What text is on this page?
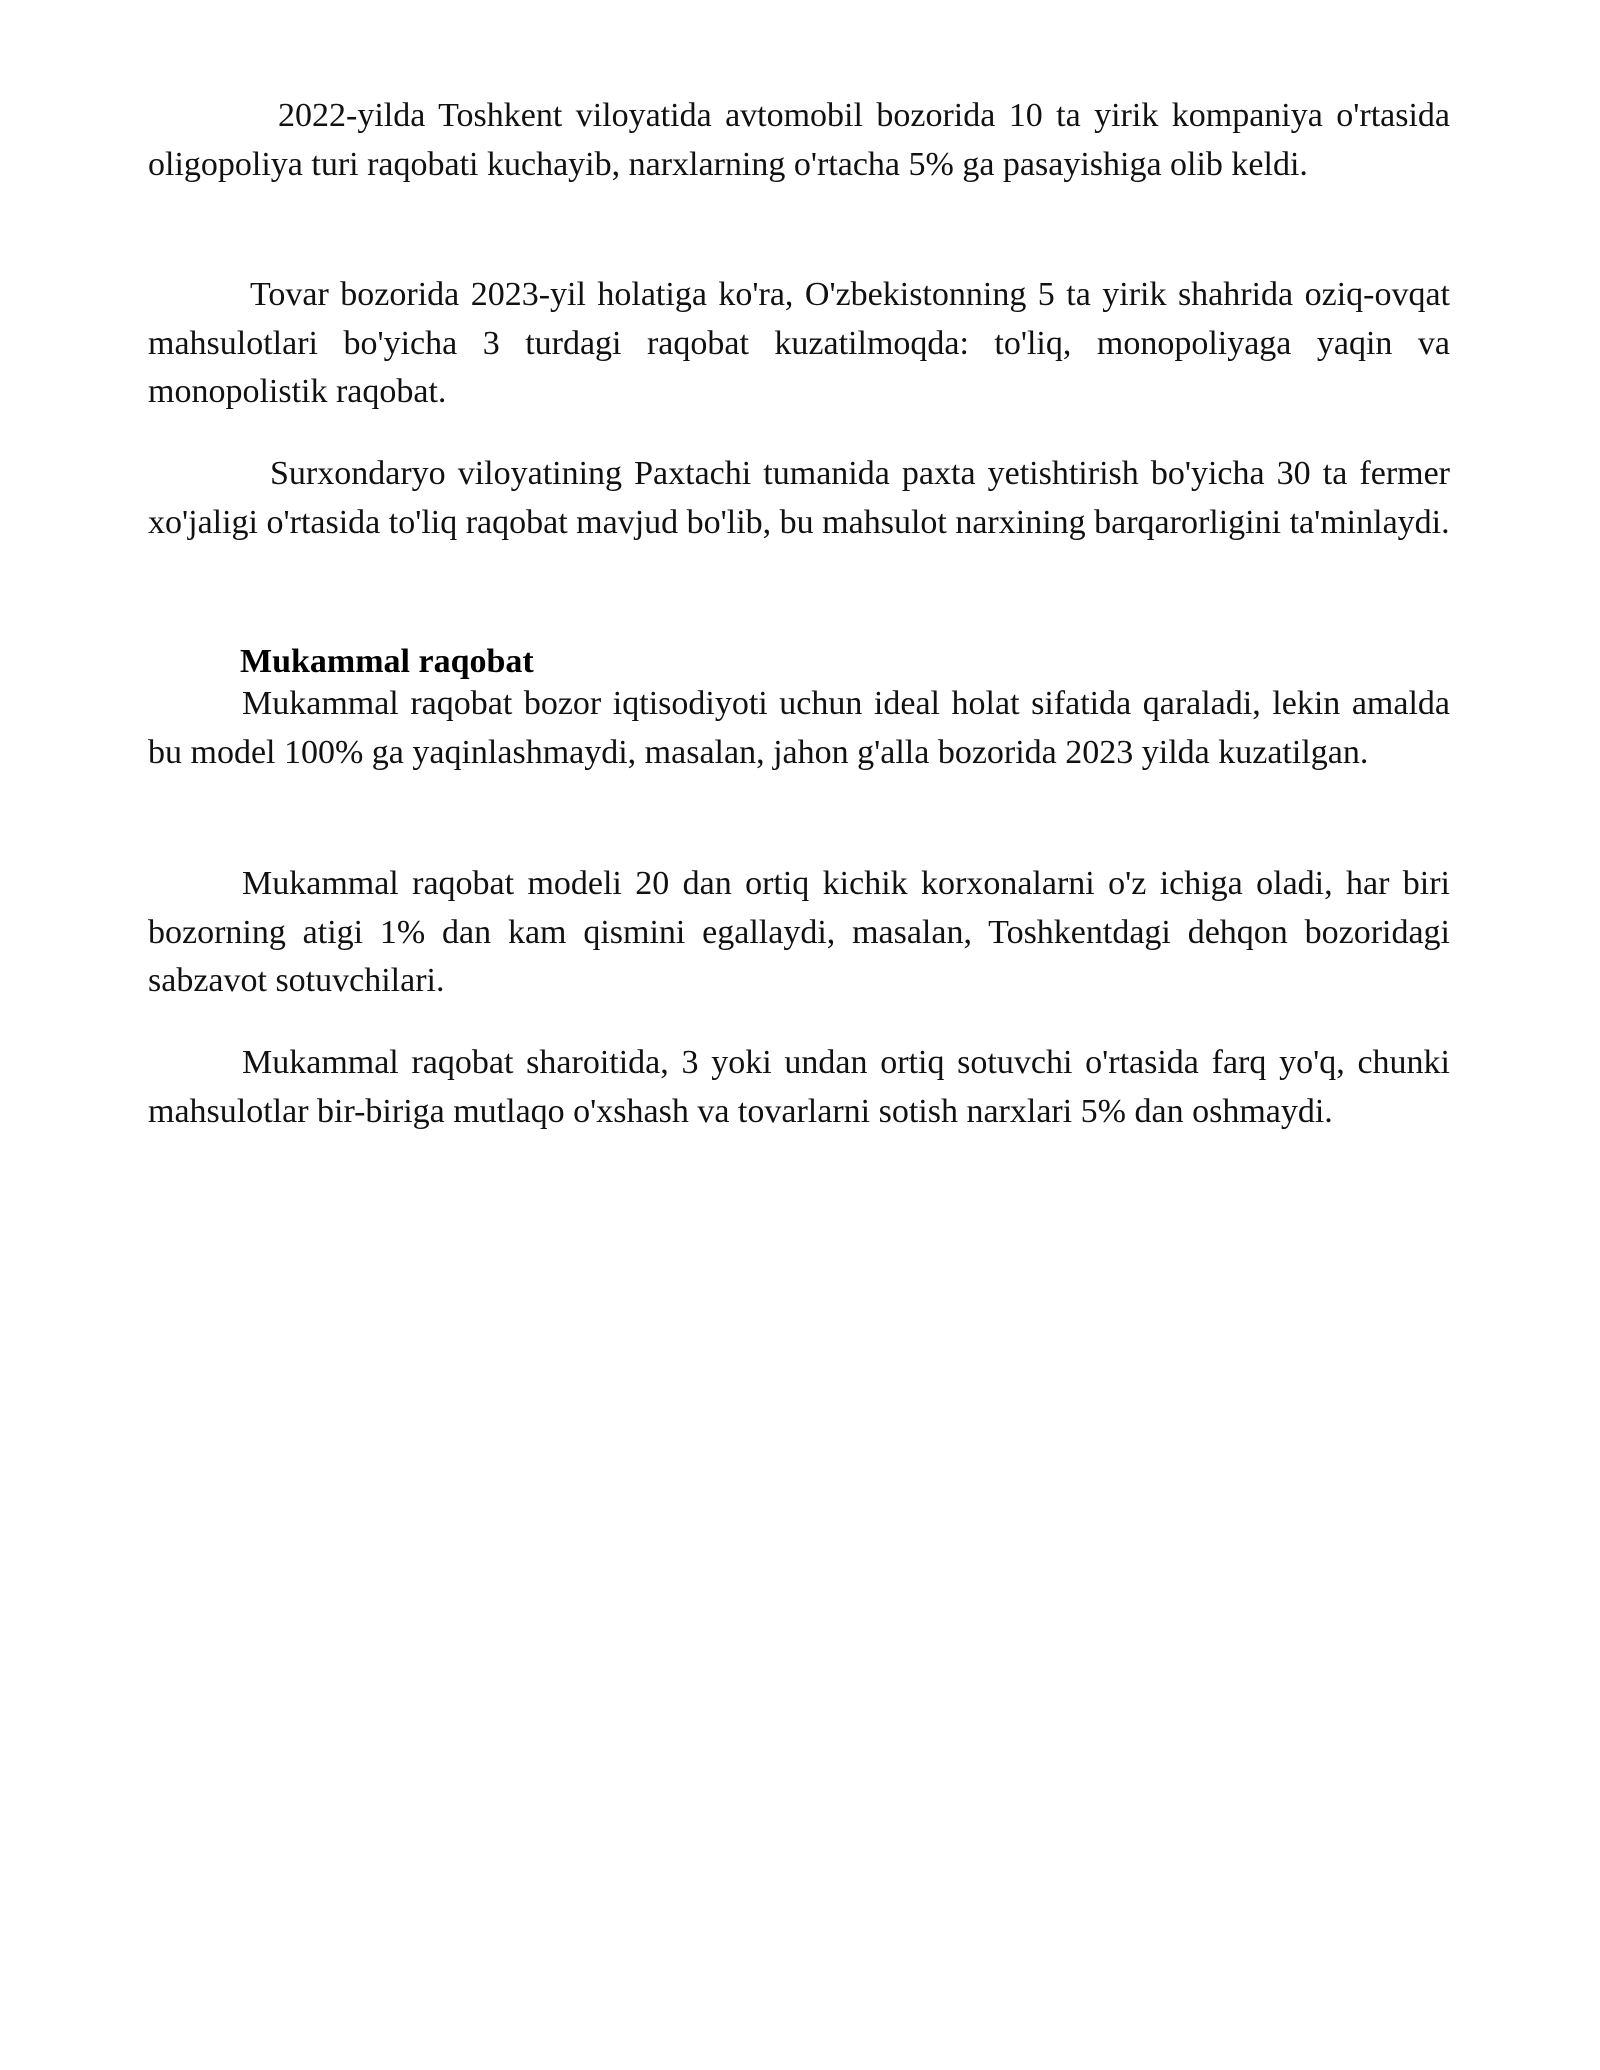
2022-yilda Toshkent viloyatida avtomobil bozorida 10 ta yirik kompaniya o'rtasida oligopoliya turi raqobati kuchayib, narxlarning o'rtacha 5% ga pasayishiga olib keldi.

Tovar bozorida 2023-yil holatiga ko'ra, O'zbekistonning 5 ta yirik shahrida oziq-ovqat mahsulotlari bo'yicha 3 turdagi raqobat kuzatilmoqda: to'liq, monopoliyaga yaqin va monopolistik raqobat.

Surxondaryo viloyatining Paxtachi tumanida paxta yetishtirish bo'yicha 30 ta fermer xo'jaligi o'rtasida to'liq raqobat mavjud bo'lib, bu mahsulot narxining barqarorligini ta'minlaydi.

Mukammal raqobat

Mukammal raqobat bozor iqtisodiyoti uchun ideal holat sifatida qaraladi, lekin amalda bu model 100% ga yaqinlashmaydi, masalan, jahon g'alla bozorida 2023 yilda kuzatilgan.

Mukammal raqobat modeli 20 dan ortiq kichik korxonalarni o'z ichiga oladi, har biri bozorning atigi 1% dan kam qismini egallaydi, masalan, Toshkentdagi dehqon bozoridagi sabzavot sotuvchilari.

Mukammal raqobat sharoitida, 3 yoki undan ortiq sotuvchi o'rtasida farq yo'q, chunki mahsulotlar bir-biriga mutlaqo o'xshash va tovarlarni sotish narxlari 5% dan oshmaydi.
